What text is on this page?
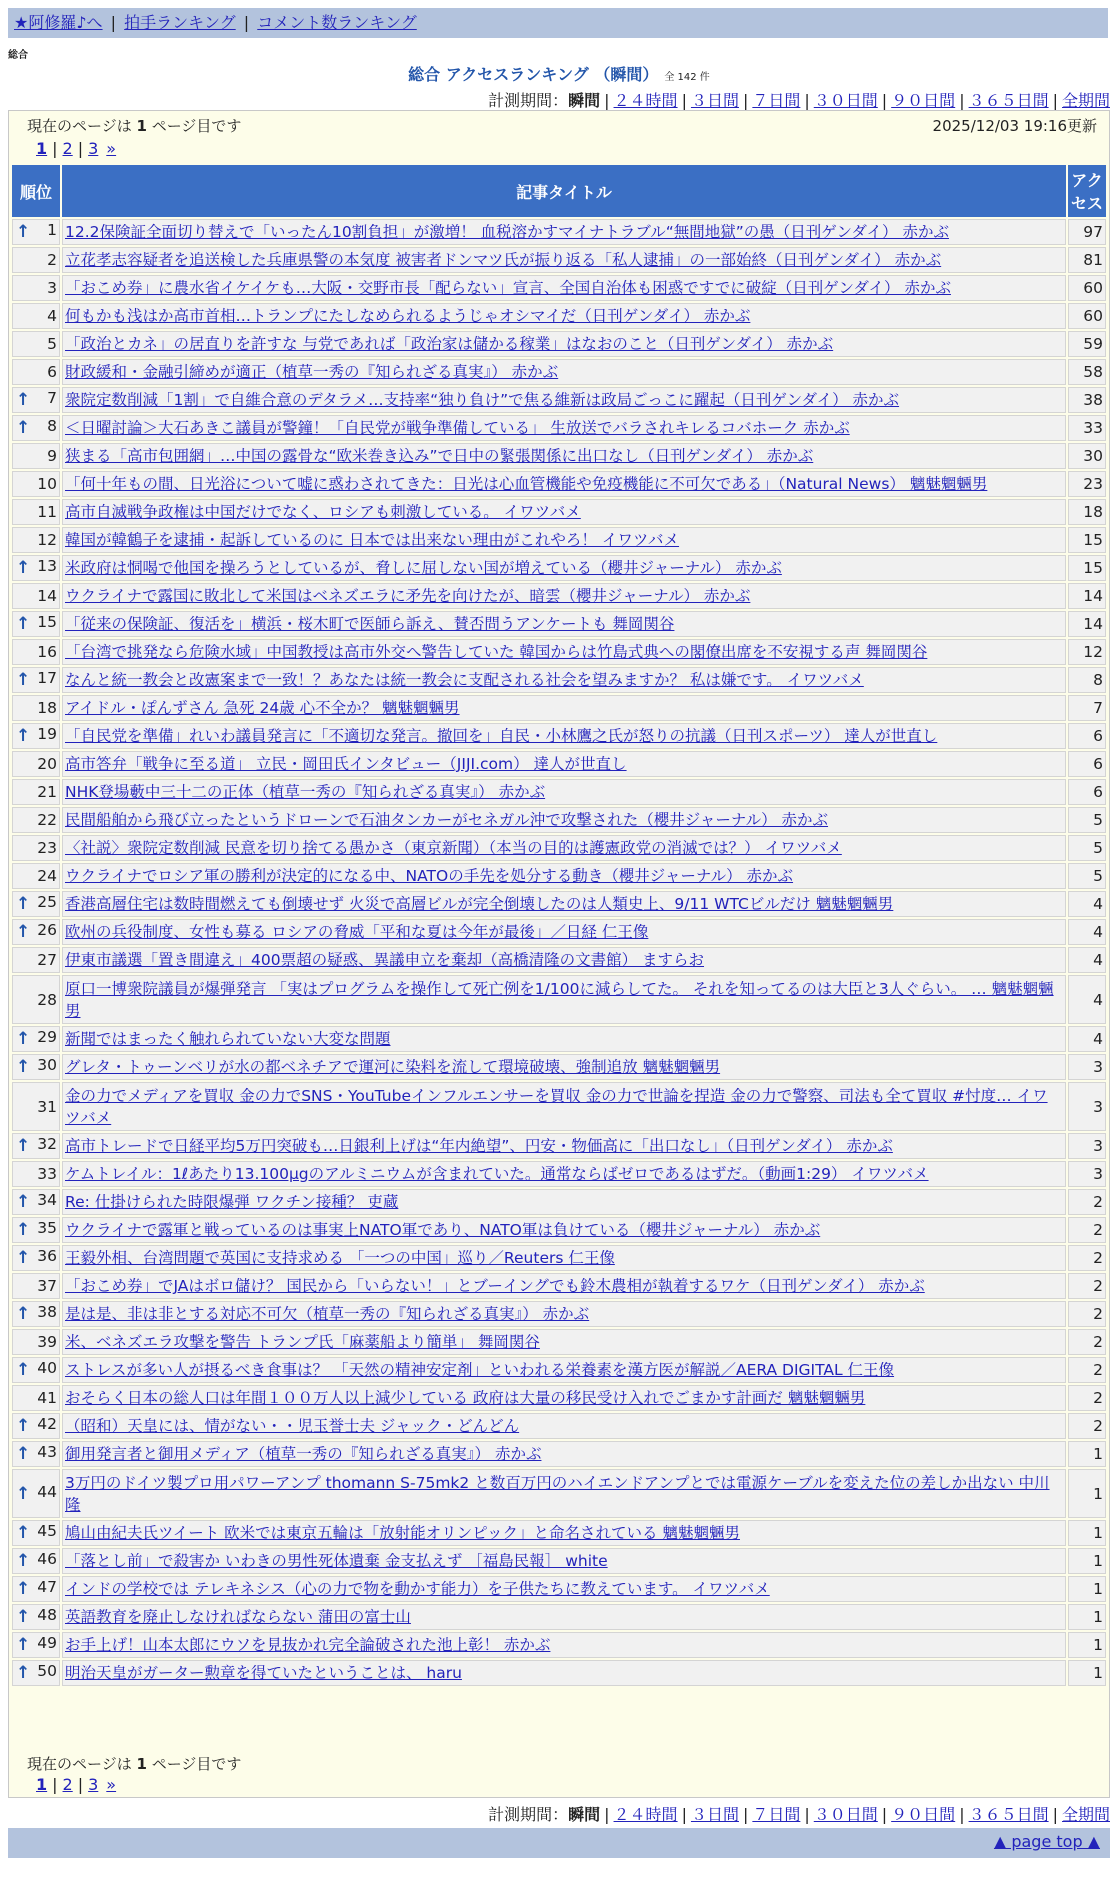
★阿修羅♪へ | 拍手ランキング | コメント数ランキング
総合
総合 アクセスランキング （瞬間） 全 142 件
計測期間：瞬間 | ２４時間 | ３日間 | ７日間 | ３０日間 | ９０日間 | ３６５日間 | 全期間
現在のページは 1 ページ目です	2025/12/03 19:16更新
1 | 2 | 3 »
順位	記事タイトル	アクセス

↑ 1	12.2保険証全面切り替えで「いったん10割負担」が激増！ 血税溶かすマイナトラブル“無間地獄”の愚（日刊ゲンダイ） 赤かぶ	97
2	立花孝志容疑者を追送検した兵庫県警の本気度 被害者ドンマツ氏が振り返る「私人逮捕」の一部始終（日刊ゲンダイ） 赤かぶ	81
3	「おこめ券」に農水省イケイケも…大阪・交野市長「配らない」宣言、全国自治体も困惑ですでに破綻（日刊ゲンダイ） 赤かぶ	60
4	何もかも浅はか高市首相…トランプにたしなめられるようじゃオシマイだ（日刊ゲンダイ） 赤かぶ	60
5	「政治とカネ」の居直りを許すな 与党であれば「政治家は儲かる稼業」はなおのこと（日刊ゲンダイ） 赤かぶ	59
6	財政緩和・金融引締めが適正（植草一秀の『知られざる真実』） 赤かぶ	58

↑ 7	衆院定数削減「1割」で自維合意のデタラメ…支持率“独り負け”で焦る維新は政局ごっこに躍起（日刊ゲンダイ） 赤かぶ	38

↑ 8	＜日曜討論＞大石あきこ議員が警鐘！「自民党が戦争準備している」 生放送でバラされキレるコバホーク 赤かぶ	33
9	狭まる「高市包囲網」…中国の露骨な“欧米巻き込み”で日中の緊張関係に出口なし（日刊ゲンダイ） 赤かぶ	30
10	「何十年もの間、日光浴について嘘に惑わされてきた：日光は心血管機能や免疫機能に不可欠である」（Natural News） 魑魅魍魎男	23
11	高市自滅戦争政権は中国だけでなく、ロシアも刺激している。 イワツバメ	18
12	韓国が韓鶴子を逮捕・起訴しているのに 日本では出来ない理由がこれやろ！ イワツバメ	15

↑ 13	米政府は恫喝で他国を操ろうとしているが、脅しに屈しない国が増えている（櫻井ジャーナル） 赤かぶ	15
14	ウクライナで露国に敗北して米国はベネズエラに矛先を向けたが、暗雲（櫻井ジャーナル） 赤かぶ	14

↑ 15	「従来の保険証、復活を」横浜・桜木町で医師ら訴え、賛否問うアンケートも 舞岡関谷	14
16	「台湾で挑発なら危険水域」中国教授は高市外交へ警告していた 韓国からは竹島式典への閣僚出席を不安視する声 舞岡関谷	12

↑ 17	なんと統一教会と改憲案まで一致！？あなたは統一教会に支配される社会を望みますか？ 私は嫌です。 イワツバメ	8
18	アイドル・ぽんずさん 急死 24歳 心不全か？ 魑魅魍魎男	7

↑ 19	「自民党を準備」れいわ議員発言に「不適切な発言。撤回を」自民・小林鷹之氏が怒りの抗議（日刊スポーツ） 達人が世直し	6
20	高市答弁「戦争に至る道」 立民・岡田氏インタビュー（JIJI.com） 達人が世直し	6
21	NHK登場藪中三十二の正体（植草一秀の『知られざる真実』） 赤かぶ	6
22	民間船舶から飛び立ったというドローンで石油タンカーがセネガル沖で攻撃された（櫻井ジャーナル） 赤かぶ	5
23	〈社説〉衆院定数削減 民意を切り捨てる愚かさ（東京新聞）（本当の目的は護憲政党の消滅では？） イワツバメ	5
24	ウクライナでロシア軍の勝利が決定的になる中、NATOの手先を処分する動き（櫻井ジャーナル） 赤かぶ	5

↑ 25	香港高層住宅は数時間燃えても倒壊せず 火災で高層ビルが完全倒壊したのは人類史上、9/11 WTCビルだけ 魑魅魍魎男	4

↑ 26	欧州の兵役制度、女性も募る ロシアの脅威「平和な夏は今年が最後」／日経 仁王像	4
27	伊東市議選「置き間違え」400票超の疑惑、異議申立を棄却（高橋清隆の文書館） ますらお	4
28	原口一博衆院議員が爆弾発言 「実はプログラムを操作して死亡例を1/100に減らしてた。 それを知ってるのは大臣と3人ぐらい。 … 魑魅魍魎男	4

↑ 29	新聞ではまったく触れられていない大変な問題	4

↑ 30	グレタ・トゥーンベリが水の都ベネチアで運河に染料を流して環境破壊、強制追放 魑魅魍魎男	3
31	金の力でメディアを買収 金の力でSNS・YouTubeインフルエンサーを買収 金の力で世論を捏造 金の力で警察、司法も全て買収 #忖度… イワツバメ	3

↑ 32	高市トレードで日経平均5万円突破も…日銀利上げは“年内絶望”、円安・物価高に「出口なし」（日刊ゲンダイ） 赤かぶ	3
33	ケムトレイル：1ℓあたり13.100μgのアルミニウムが含まれていた。通常ならばゼロであるはずだ。（動画1:29） イワツバメ	3

↑ 34	Re: 仕掛けられた時限爆弾 ワクチン接種？ 吏蔵	2

↑ 35	ウクライナで露軍と戦っているのは事実上NATO軍であり、NATO軍は負けている（櫻井ジャーナル） 赤かぶ	2

↑ 36	王毅外相、台湾問題で英国に支持求める 「一つの中国」巡り／Reuters 仁王像	2
37	「おこめ券」でJAはボロ儲け？ 国民から「いらない！」とブーイングでも鈴木農相が執着するワケ（日刊ゲンダイ） 赤かぶ	2

↑ 38	是は是、非は非とする対応不可欠（植草一秀の『知られざる真実』） 赤かぶ	2
39	米、ベネズエラ攻撃を警告 トランプ氏「麻薬船より簡単」 舞岡関谷	2

↑ 40	ストレスが多い人が摂るべき食事は？ 「天然の精神安定剤」といわれる栄養素を漢方医が解説／AERA DIGITAL 仁王像	2
41	おそらく日本の総人口は年間１００万人以上減少している 政府は大量の移民受け入れでごまかす計画だ 魑魅魍魎男	2

↑ 42	（昭和）天皇には、情がない・・児玉誉士夫 ジャック・どんどん	2

↑ 43	御用発言者と御用メディア（植草一秀の『知られざる真実』） 赤かぶ	1

↑ 44	3万円のドイツ製プロ用パワーアンプ thomann S-75mk2 と数百万円のハイエンドアンプとでは電源ケーブルを変えた位の差しか出ない 中川隆	1

↑ 45	鳩山由紀夫氏ツイート 欧米では東京五輪は「放射能オリンピック」と命名されている 魑魅魍魎男	1

↑ 46	「落とし前」で殺害か いわきの男性死体遺棄 金支払えず ［福島民報］ white	1

↑ 47	インドの学校では テレキネシス（心の力で物を動かす能力）を子供たちに教えています。 イワツバメ	1

↑ 48	英語教育を廃止しなければならない 蒲田の富士山	1

↑ 49	お手上げ！山本太郎にウソを見抜かれ完全論破された池上彰！ 赤かぶ	1

↑ 50	明治天皇がガーター勲章を得ていたということは、 haru	1
現在のページは 1 ページ目です
1 | 2 | 3 »
計測期間：瞬間 | ２４時間 | ３日間 | ７日間 | ３０日間 | ９０日間 | ３６５日間 | 全期間
▲ page top ▲
